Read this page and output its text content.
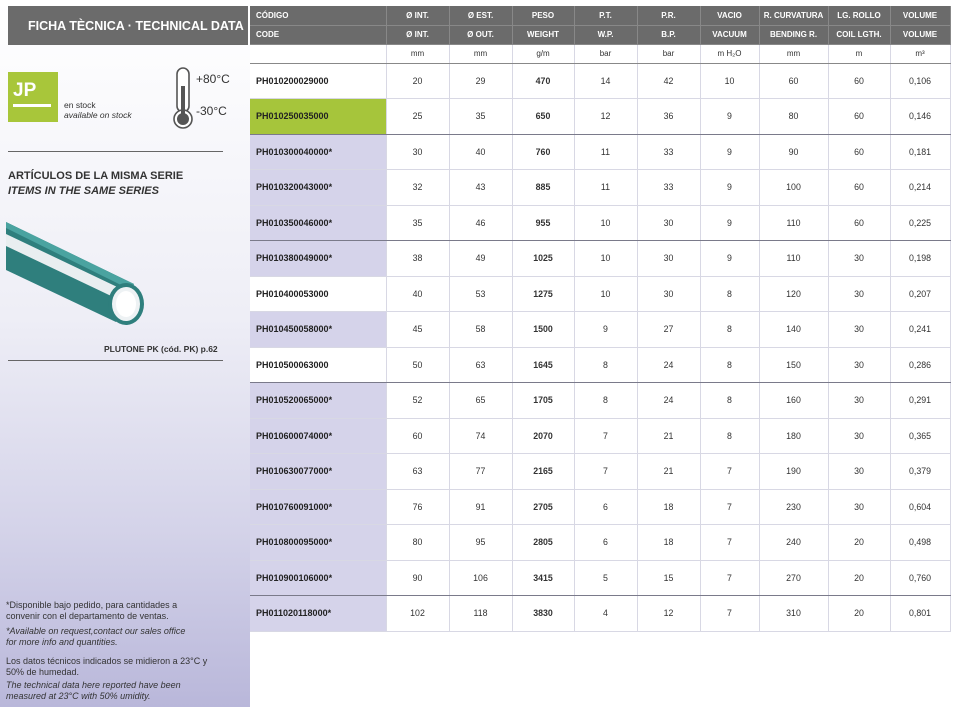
FICHA TÈCNICA · TECHNICAL DATA
JP
en stock
available on stock
+80°C
-30°C
ARTÍCULOS DE LA MISMA SERIE
ITEMS IN THE SAME SERIES
PLUTONE PK (cód. PK) p.62
*Disponible bajo pedido, para cantidades a
convenir con el departamento de ventas.
*Available on request,contact our sales office
for more info and quantities.
Los datos técnicos indicados se midieron a 23°C y
50% de humedad.
The technical data here reported have been
measured at 23°C with 50% umidity.
CÓDIGO	Ø INT.	Ø EST.	PESO	P.T.	P.R.	VACIO	R. CURVATURA	LG. ROLLO	VOLUME
CODE	Ø INT.	Ø OUT.	WEIGHT	W.P.	B.P.	VACUUM	BENDING R.	COIL LGTH.	VOLUME
	mm	mm	g/m	bar	bar	m H₂O	mm	m	m³
PH010200029000	20	29	470	14	42	10	60	60	0,106
PH010250035000	25	35	650	12	36	9	80	60	0,146
PH010300040000*	30	40	760	11	33	9	90	60	0,181
PH010320043000*	32	43	885	11	33	9	100	60	0,214
PH010350046000*	35	46	955	10	30	9	110	60	0,225
PH010380049000*	38	49	1025	10	30	9	110	30	0,198
PH010400053000	40	53	1275	10	30	8	120	30	0,207
PH010450058000*	45	58	1500	9	27	8	140	30	0,241
PH010500063000	50	63	1645	8	24	8	150	30	0,286
PH010520065000*	52	65	1705	8	24	8	160	30	0,291
PH010600074000*	60	74	2070	7	21	8	180	30	0,365
PH010630077000*	63	77	2165	7	21	7	190	30	0,379
PH010760091000*	76	91	2705	6	18	7	230	30	0,604
PH010800095000*	80	95	2805	6	18	7	240	20	0,498
PH010900106000*	90	106	3415	5	15	7	270	20	0,760
PH011020118000*	102	118	3830	4	12	7	310	20	0,801
